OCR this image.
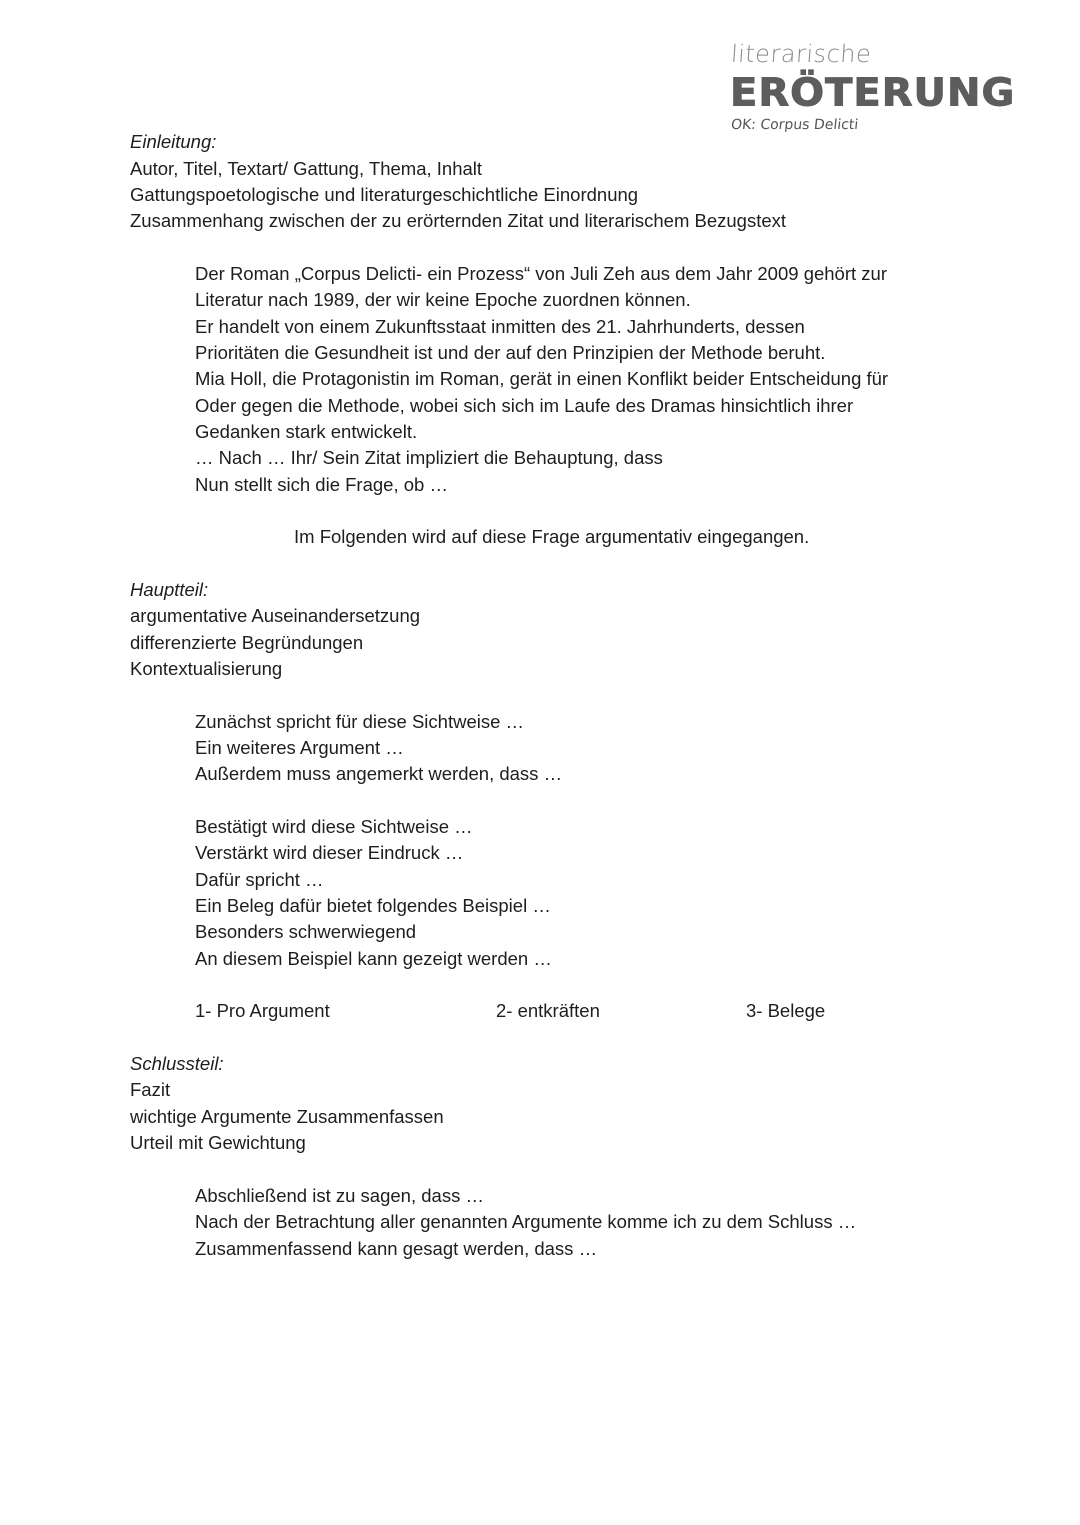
literarische
ERÖTERUNG
OK: Corpus Delicti
Einleitung:
Autor, Titel, Textart/ Gattung, Thema, Inhalt
Gattungspoetologische und literaturgeschichtliche Einordnung
Zusammenhang zwischen der zu erörternden Zitat und literarischem Bezugstext
Der Roman „Corpus Delicti- ein Prozess“ von Juli Zeh aus dem Jahr 2009 gehört zur
Literatur nach 1989, der wir keine Epoche zuordnen können.
Er handelt von einem Zukunftsstaat inmitten des 21. Jahrhunderts, dessen
Prioritäten die Gesundheit ist und der auf den Prinzipien der Methode beruht.
Mia Holl, die Protagonistin im Roman, gerät in einen Konflikt beider Entscheidung für
Oder gegen die Methode, wobei sich sich im Laufe des Dramas hinsichtlich ihrer
Gedanken stark entwickelt.
… Nach … Ihr/ Sein Zitat impliziert die Behauptung, dass
Nun stellt sich die Frage, ob …
Im Folgenden wird auf diese Frage argumentativ eingegangen.
Hauptteil:
argumentative Auseinandersetzung
differenzierte Begründungen
Kontextualisierung
Zunächst spricht für diese Sichtweise …
Ein weiteres Argument …
Außerdem muss angemerkt werden, dass …
Bestätigt wird diese Sichtweise …
Verstärkt wird dieser Eindruck …
Dafür spricht …
Ein Beleg dafür bietet folgendes Beispiel …
Besonders schwerwiegend
An diesem Beispiel kann gezeigt werden …
1- Pro Argument	2- entkräften	3- Belege
Schlussteil:
Fazit
wichtige Argumente Zusammenfassen
Urteil mit Gewichtung
Abschließend ist zu sagen, dass …
Nach der Betrachtung aller genannten Argumente komme ich zu dem Schluss …
Zusammenfassend kann gesagt werden, dass …
